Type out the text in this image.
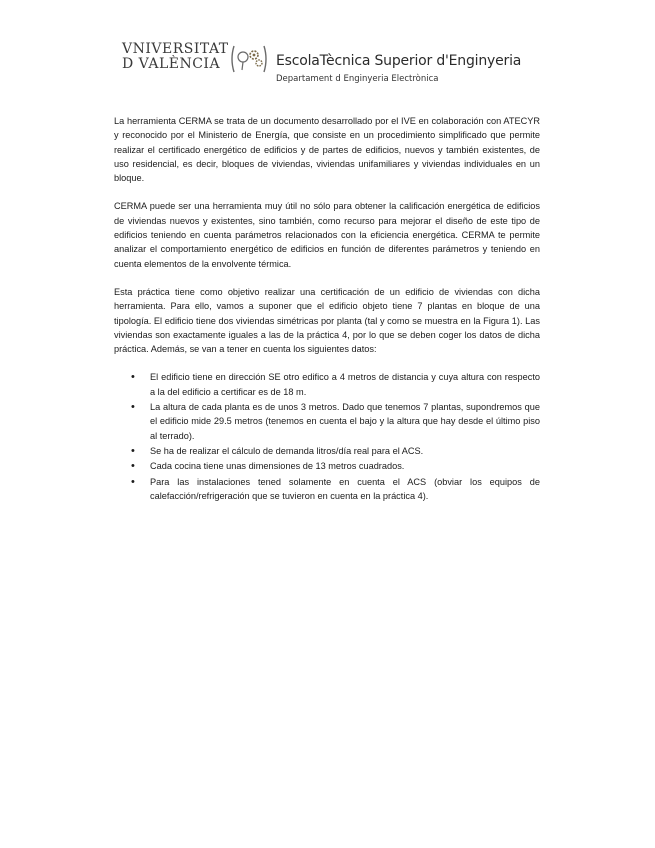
VNIVERSITAT
D VALÈNCIA	EscolaTècnica Superior d'Enginyeria
Departament d Enginyeria Electrònica

La herramienta CERMA se trata de un documento desarrollado por el IVE en colaboración con ATECYR y reconocido por el Ministerio de Energía, que consiste en un procedimiento simplificado que permite realizar el certificado energético de edificios y de partes de edificios, nuevos y también existentes, de uso residencial, es decir, bloques de viviendas, viviendas unifamiliares y viviendas individuales en un bloque.

CERMA puede ser una herramienta muy útil no sólo para obtener la calificación energética de edificios de viviendas nuevos y existentes, sino también, como recurso para mejorar el diseño de este tipo de edificios teniendo en cuenta parámetros relacionados con la eficiencia energética. CERMA te permite analizar el comportamiento energético de edificios en función de diferentes parámetros y teniendo en cuenta elementos de la envolvente térmica.

Esta práctica tiene como objetivo realizar una certificación de un edificio de viviendas con dicha herramienta. Para ello, vamos a suponer que el edificio objeto tiene 7 plantas en bloque de una tipología. El edificio tiene dos viviendas simétricas por planta (tal y como se muestra en la Figura 1). Las viviendas son exactamente iguales a las de la práctica 4, por lo que se deben coger los datos de dicha práctica. Además, se van a tener en cuenta los siguientes datos:

• El edificio tiene en dirección SE otro edifico a 4 metros de distancia y cuya altura con respecto a la del edificio a certificar es de 18 m.
• La altura de cada planta es de unos 3 metros. Dado que tenemos 7 plantas, supondremos que el edificio mide 29.5 metros (tenemos en cuenta el bajo y la altura que hay desde el último piso al terrado).
• Se ha de realizar el cálculo de demanda litros/día real para el ACS.
• Cada cocina tiene unas dimensiones de 13 metros cuadrados.
• Para las instalaciones tened solamente en cuenta el ACS (obviar los equipos de calefacción/refrigeración que se tuvieron en cuenta en la práctica 4).
